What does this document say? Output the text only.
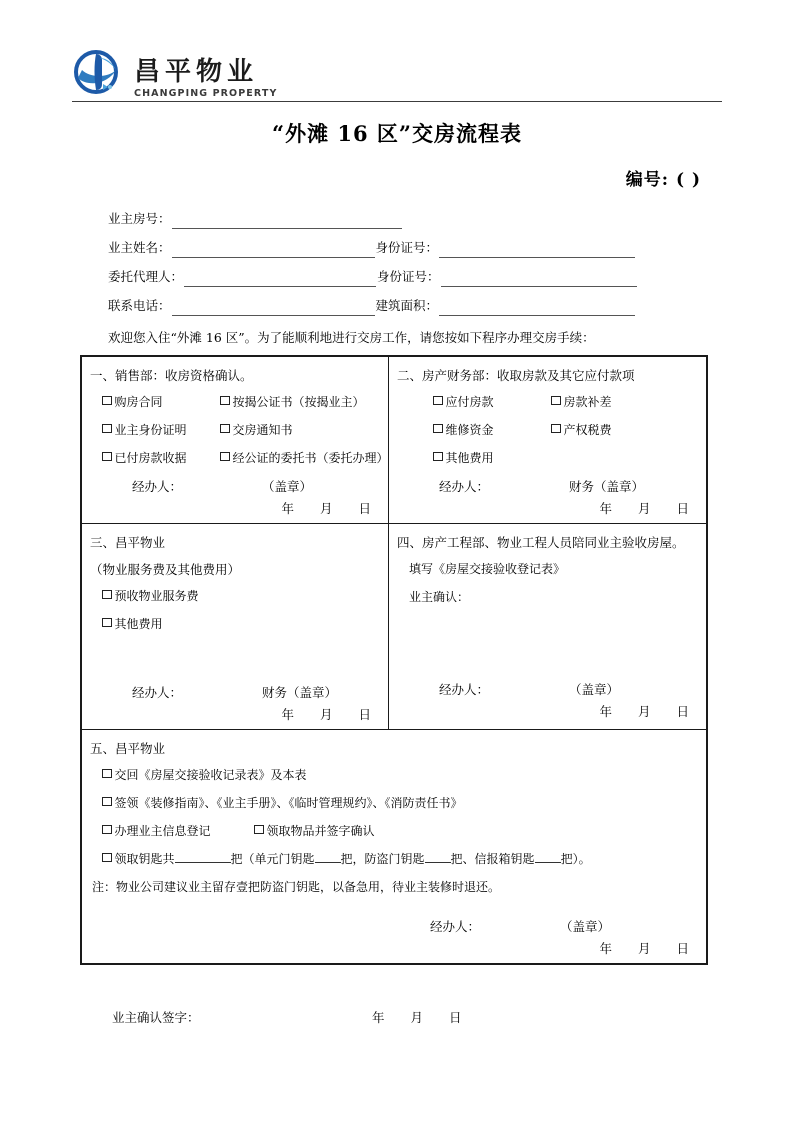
昌平物业
CHANGPING PROPERTY
“外滩 16 区”交房流程表
编号: ( )
业主房号：
业主姓名：	身份证号：
委托代理人：	身份证号：
联系电话：	建筑面积：
欢迎您入住“外滩 16 区”。为了能顺利地进行交房工作，请您按如下程序办理交房手续：
一、销售部：收房资格确认。
购房合同	按揭公证书（按揭业主）
业主身份证明	交房通知书
已付房款收据	经公证的委托书（委托办理）
经办人：	（盖章）
年 月 日
二、房产财务部：收取房款及其它应付款项
应付房款	房款补差
维修资金	产权税费
其他费用
经办人：	财务（盖章）
年 月 日
三、昌平物业
（物业服务费及其他费用）
预收物业服务费
其他费用
经办人：	财务（盖章）
年 月 日
四、房产工程部、物业工程人员陪同业主验收房屋。
填写《房屋交接验收登记表》
业主确认：
经办人：	（盖章）
年 月 日
五、昌平物业
交回《房屋交接验收记录表》及本表
签领《装修指南》、《业主手册》、《临时管理规约》、《消防责任书》
办理业主信息登记	领取物品并签字确认
领取钥匙共	把（单元门钥匙 把，防盗门钥匙 把、信报箱钥匙 把）。
注：物业公司建议业主留存壹把防盗门钥匙，以备急用，待业主装修时退还。
经办人：	（盖章）
年 月 日
业主确认签字：	年 月 日
